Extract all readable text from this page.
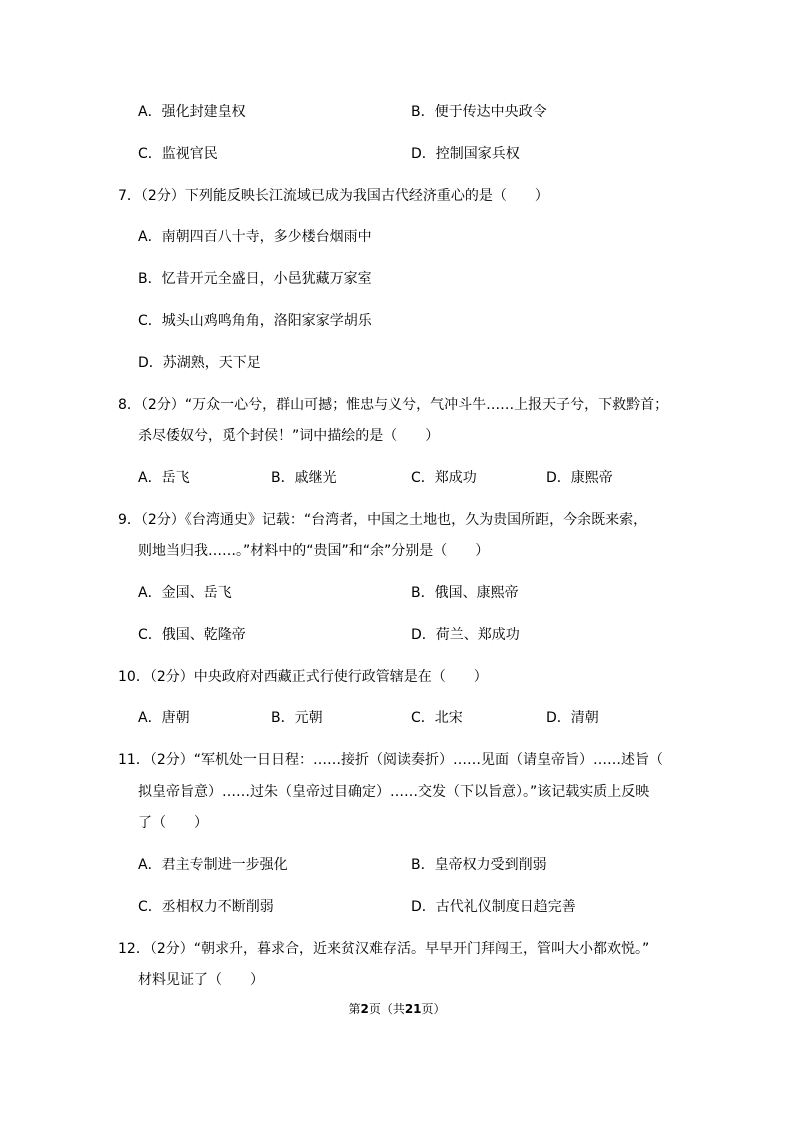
A．强化封建皇权	B．便于传达中央政令
C．监视官民	D．控制国家兵权
7．（2分）下列能反映长江流域已成为我国古代经济重心的是（　　）
A．南朝四百八十寺，多少楼台烟雨中
B．忆昔开元全盛日，小邑犹藏万家室
C．城头山鸡鸣角角，洛阳家家学胡乐
D．苏湖熟，天下足
8．（2分）“万众一心兮，群山可撼；惟忠与义兮，气冲斗牛……上报天子兮，下救黔首；
杀尽倭奴兮，觅个封侯！”词中描绘的是（　　）
A．岳飞	B．戚继光	C．郑成功	D．康熙帝
9．（2分）《台湾通史》记载：“台湾者，中国之土地也，久为贵国所距，今余既来索，
则地当归我……。”材料中的“贵国”和“余”分别是（　　）
A．金国、岳飞	B．俄国、康熙帝
C．俄国、乾隆帝	D．荷兰、郑成功
10．（2分）中央政府对西藏正式行使行政管辖是在（　　）
A．唐朝	B．元朝	C．北宋	D．清朝
11．（2分）“军机处一日日程：……接折（阅读奏折）……见面（请皇帝旨）……述旨（
拟皇帝旨意）……过朱（皇帝过目确定）……交发（下以旨意）。”该记载实质上反映
了（　　）
A．君主专制进一步强化	B．皇帝权力受到削弱
C．丞相权力不断削弱	D．古代礼仪制度日趋完善
12．（2分）“朝求升，暮求合，近来贫汉难存活。早早开门拜闯王，管叫大小都欢悦。”
材料见证了（　　）
第2页（共21页）
